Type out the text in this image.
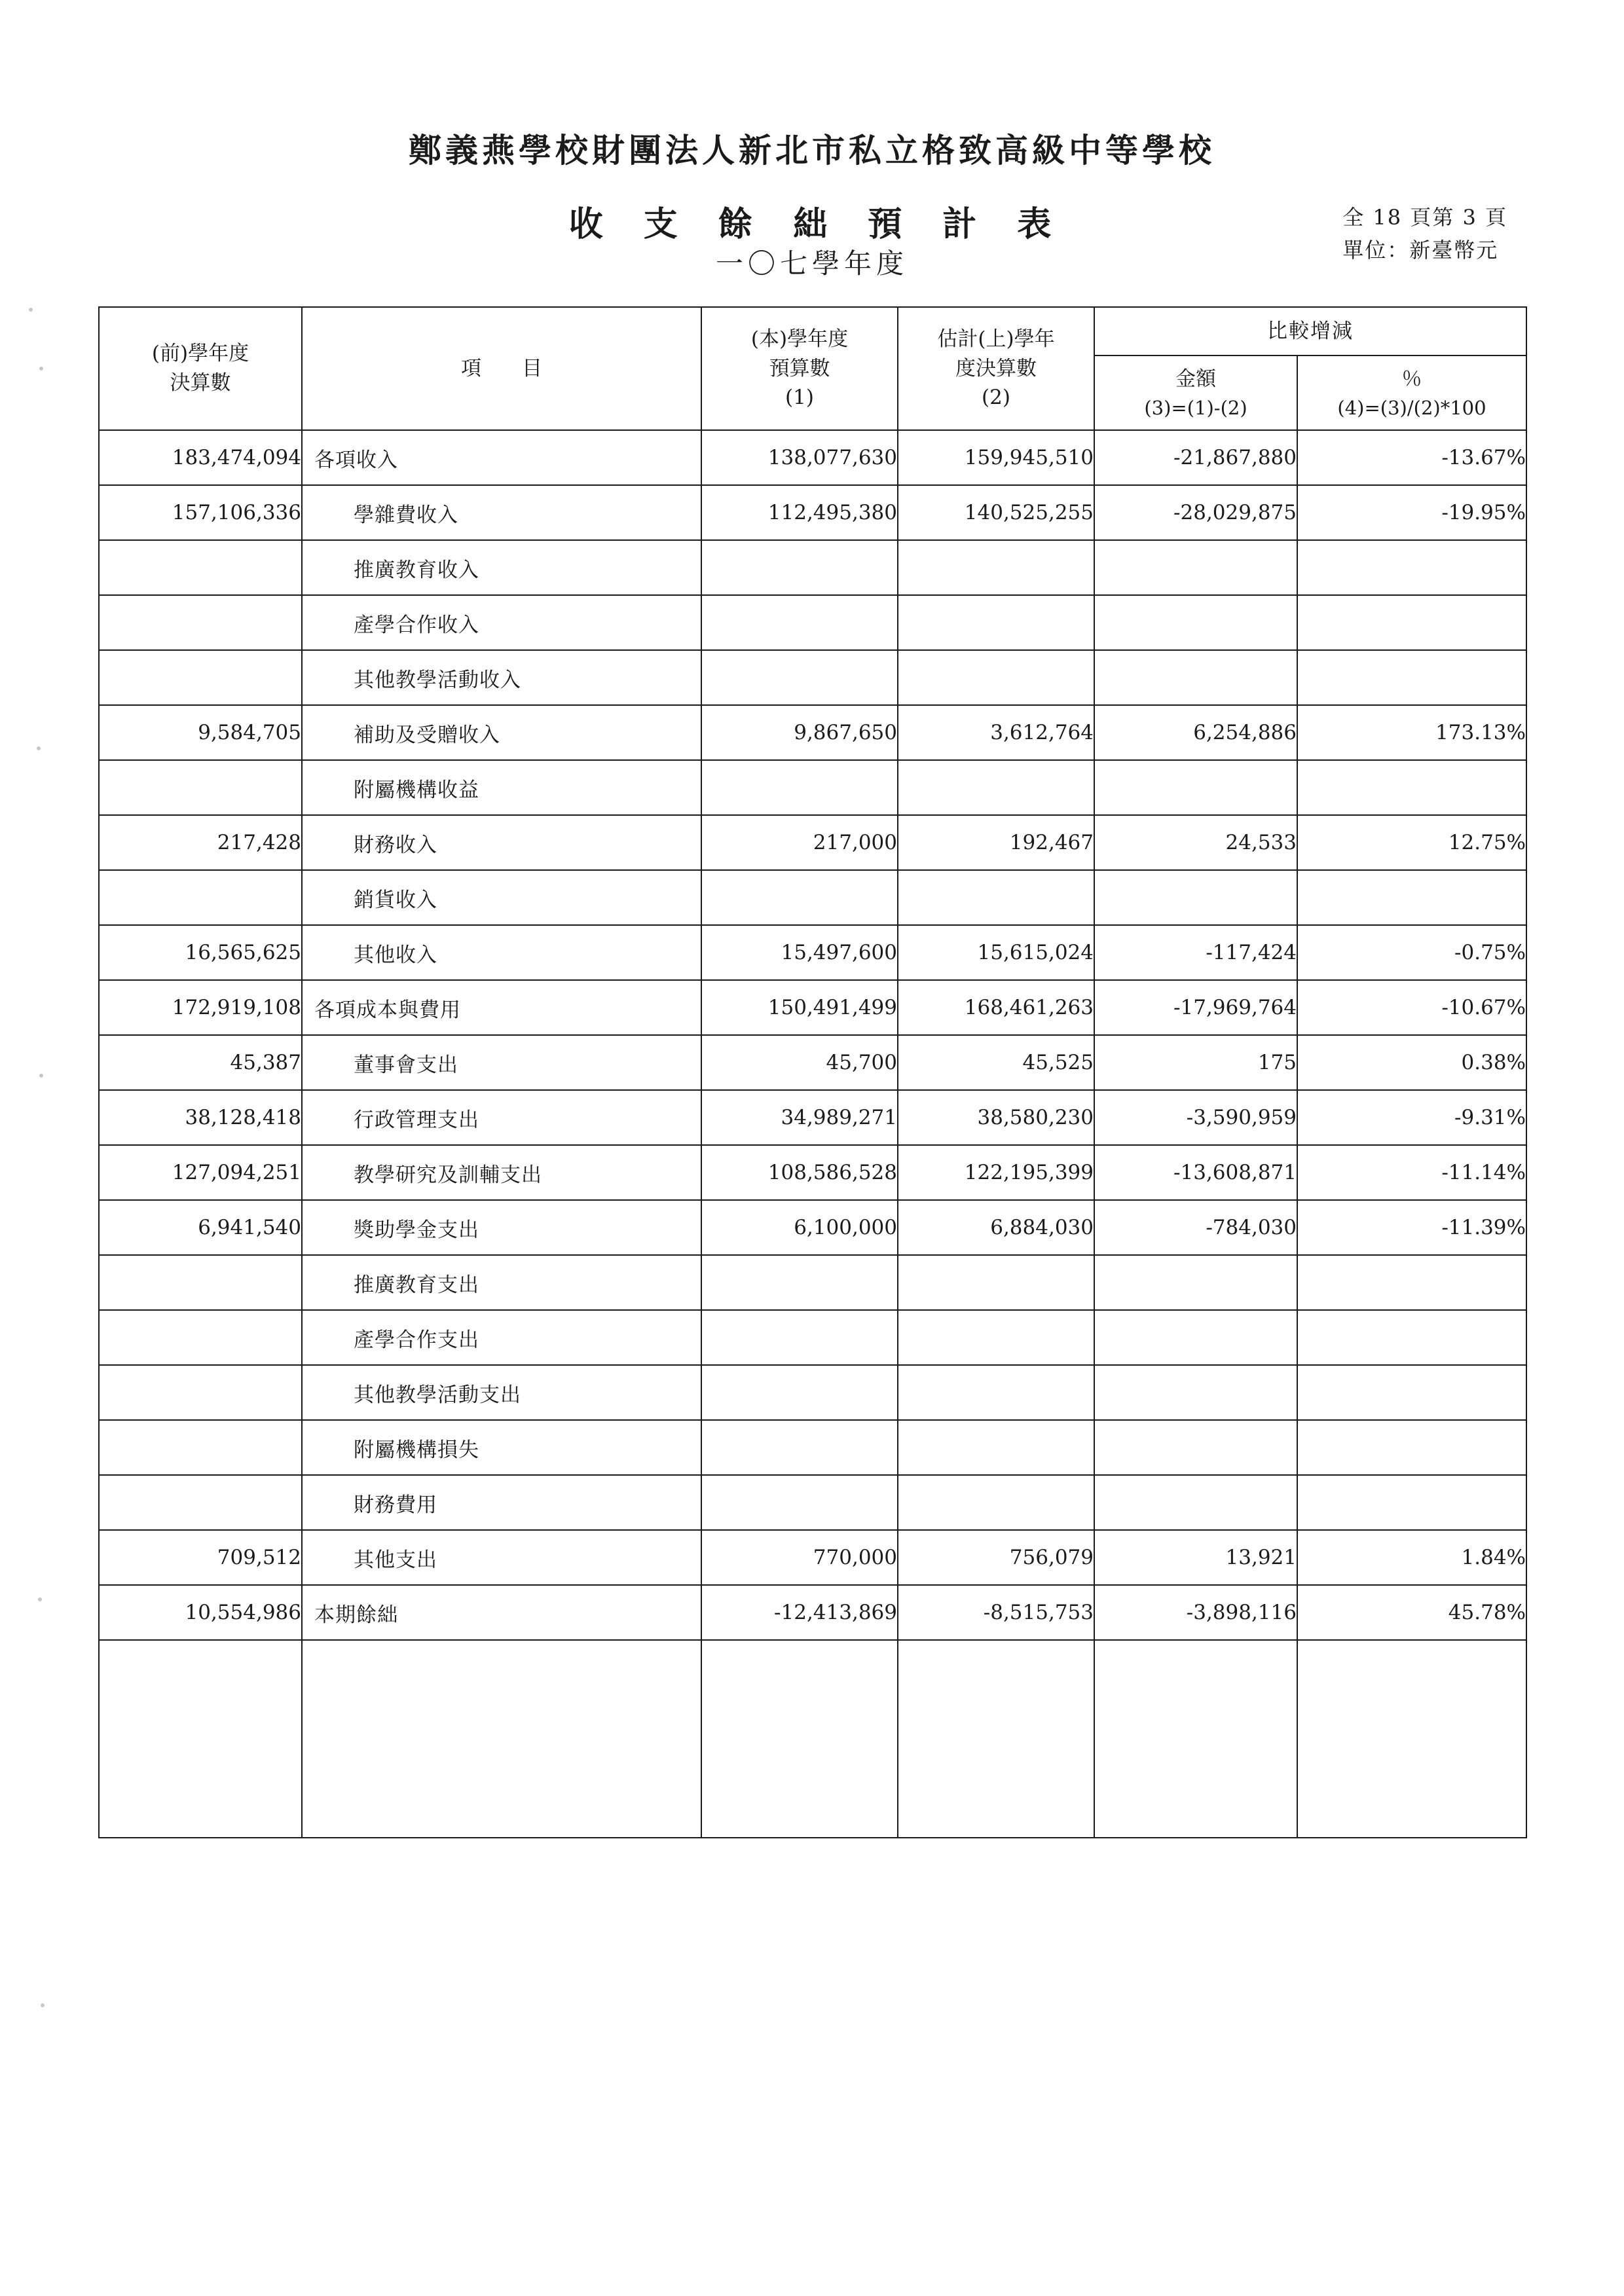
鄭義燕學校財團法人新北市私立格致高級中等學校
收 支 餘 絀 預 計 表	全 18 頁第 3 頁
單位：新臺幣元
一〇七學年度
(前)學年度
決算數
	項　　目	
(本)學年度
預算數
(1)

估計(上)學年
度決算數
(2)
	比較增減

金額
(3)=(1)-(2)

％
(4)=(3)/(2)*100

183,474,094	各項收入	138,077,630	159,945,510	-21,867,880	-13.67%
157,106,336	學雜費收入	112,495,380	140,525,255	-28,029,875	-19.95%
	推廣教育收入				
	產學合作收入				
	其他教學活動收入				
9,584,705	補助及受贈收入	9,867,650	3,612,764	6,254,886	173.13%
	附屬機構收益				
217,428	財務收入	217,000	192,467	24,533	12.75%
	銷貨收入				
16,565,625	其他收入	15,497,600	15,615,024	-117,424	-0.75%
172,919,108	各項成本與費用	150,491,499	168,461,263	-17,969,764	-10.67%
45,387	董事會支出	45,700	45,525	175	0.38%
38,128,418	行政管理支出	34,989,271	38,580,230	-3,590,959	-9.31%
127,094,251	教學研究及訓輔支出	108,586,528	122,195,399	-13,608,871	-11.14%
6,941,540	獎助學金支出	6,100,000	6,884,030	-784,030	-11.39%
	推廣教育支出				
	產學合作支出				
	其他教學活動支出				
	附屬機構損失				
	財務費用				
709,512	其他支出	770,000	756,079	13,921	1.84%
10,554,986	本期餘絀	-12,413,869	-8,515,753	-3,898,116	45.78%
